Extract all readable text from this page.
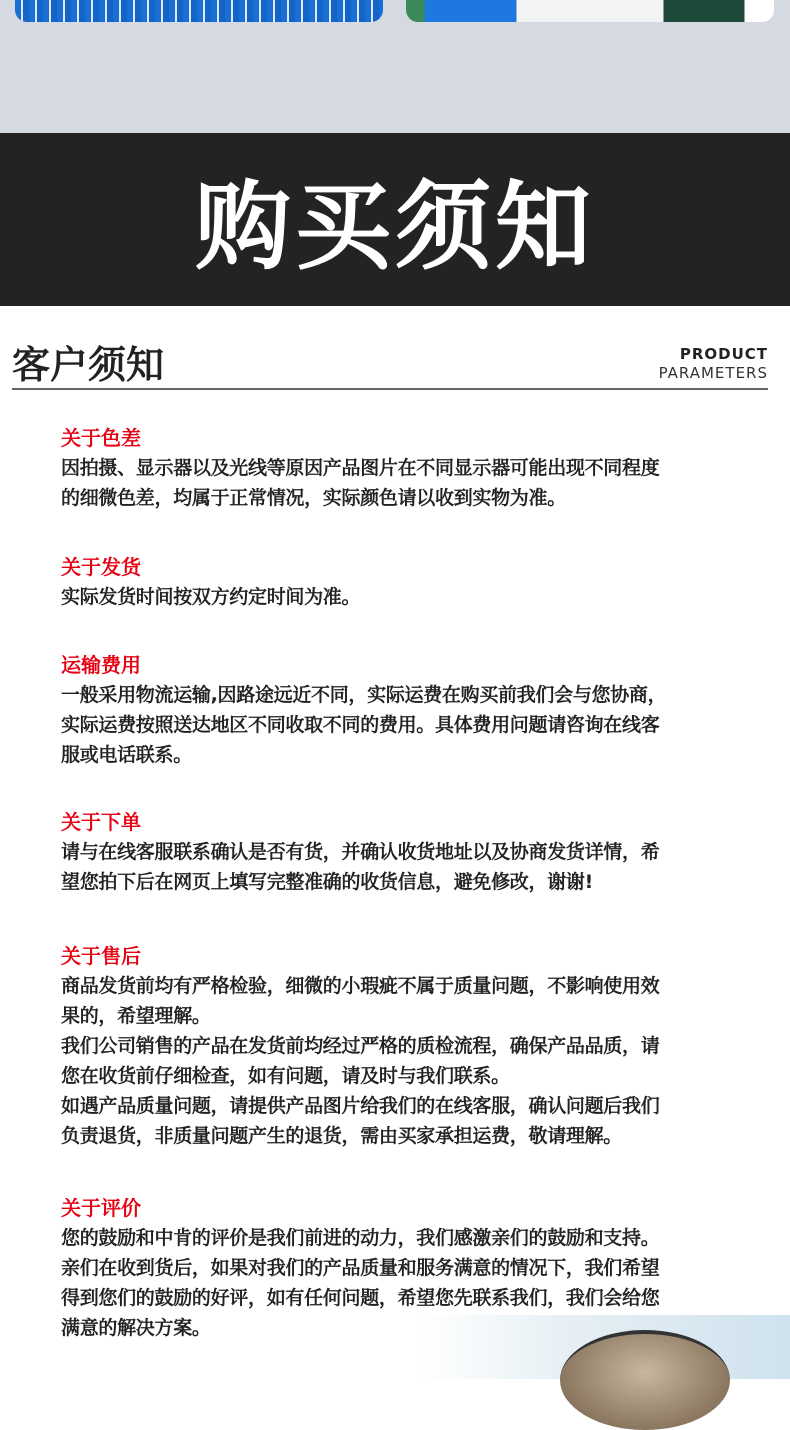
购买须知
客户须知	PRODUCT
PARAMETERS
关于色差
因拍摄、显示器以及光线等原因产品图片在不同显示器可能出现不同程度
的细微色差，均属于正常情况，实际颜色请以收到实物为准。
关于发货
实际发货时间按双方约定时间为准。
运输费用
一般采用物流运输,因路途远近不同，实际运费在购买前我们会与您协商，
实际运费按照送达地区不同收取不同的费用。具体费用问题请咨询在线客
服或电话联系。
关于下单
请与在线客服联系确认是否有货，并确认收货地址以及协商发货详情，希
望您拍下后在网页上填写完整准确的收货信息，避免修改，谢谢!
关于售后
商品发货前均有严格检验，细微的小瑕疵不属于质量问题，不影响使用效
果的，希望理解。
我们公司销售的产品在发货前均经过严格的质检流程，确保产品品质，请
您在收货前仔细检查，如有问题，请及时与我们联系。
如遇产品质量问题，请提供产品图片给我们的在线客服，确认问题后我们
负责退货，非质量问题产生的退货，需由买家承担运费，敬请理解。
关于评价
您的鼓励和中肯的评价是我们前进的动力，我们感激亲们的鼓励和支持。
亲们在收到货后，如果对我们的产品质量和服务满意的情况下，我们希望
得到您们的鼓励的好评，如有任何问题，希望您先联系我们，我们会给您
满意的解决方案。
